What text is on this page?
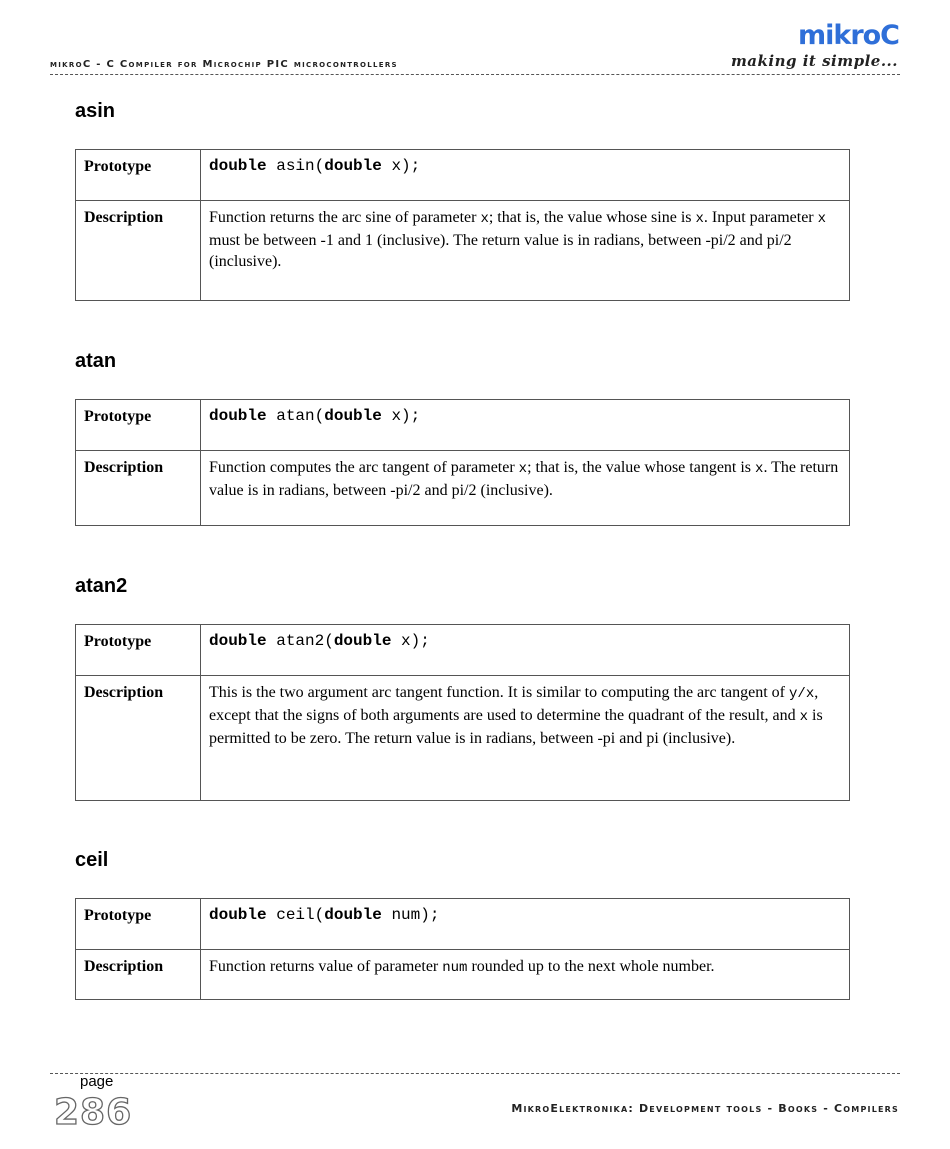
mikroC
making it simple...
mikroC - C Compiler for Microchip PIC microcontrollers
asin
Prototype	double asin(double x);
Description	Function returns the arc sine of parameter x; that is, the value whose sine is x. Input parameter x must be between -1 and 1 (inclusive). The return value is in radians, between -pi/2 and pi/2 (inclusive).
atan
Prototype	double atan(double x);
Description	Function computes the arc tangent of parameter x; that is, the value whose tangent is x. The return value is in radians, between -pi/2 and pi/2 (inclusive).
atan2
Prototype	double atan2(double x);
Description	This is the two argument arc tangent function. It is similar to computing the arc tangent of y/x, except that the signs of both arguments are used to determine the quadrant of the result, and x is permitted to be zero. The return value is in radians, between -pi and pi (inclusive).
ceil
Prototype	double ceil(double num);
Description	Function returns value of parameter num rounded up to the next whole number.
page
286	MikroElektronika: Development tools - Books - Compilers
